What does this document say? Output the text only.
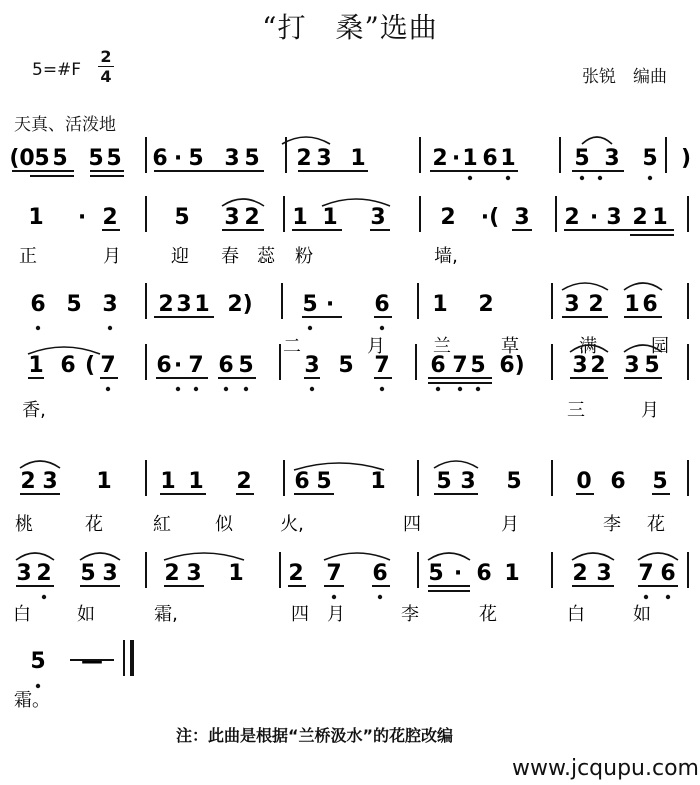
“打　桑”选曲
5=#F
2
4	张锐　编曲
天真、活泼地
(0 5 5 5 5 6 · 5 3 5 2 3 1	2 · 1 6 1	5 3 5 )
1 · 2	5 3 2 1 1 3 2 ·( 3 2 · 3 2 1
正	月	迎 春 蕊 粉	墙,
6 5 3 2 3 1 2) 5 · 6 1 2	3 2 1 6
二	月	兰	草	满	园
1 6 ( 7 6 · 7 6 5 3 5 7 6 7 5 6) 3 2 3 5
香,	三	月
2 3 1 1 1 2 6 5 1 5 3 5 0 6 5
桃	花	紅 似	火,	四	月	李 花
3 2 5 3 2 3 1 2 7 6 5 · 6 1 2 3 7 6
白	如	霜,	四 月	李	花	白	如
5 —
霜。
注：此曲是根据“兰桥汲水”的花腔改编
www.jcqupu.com
